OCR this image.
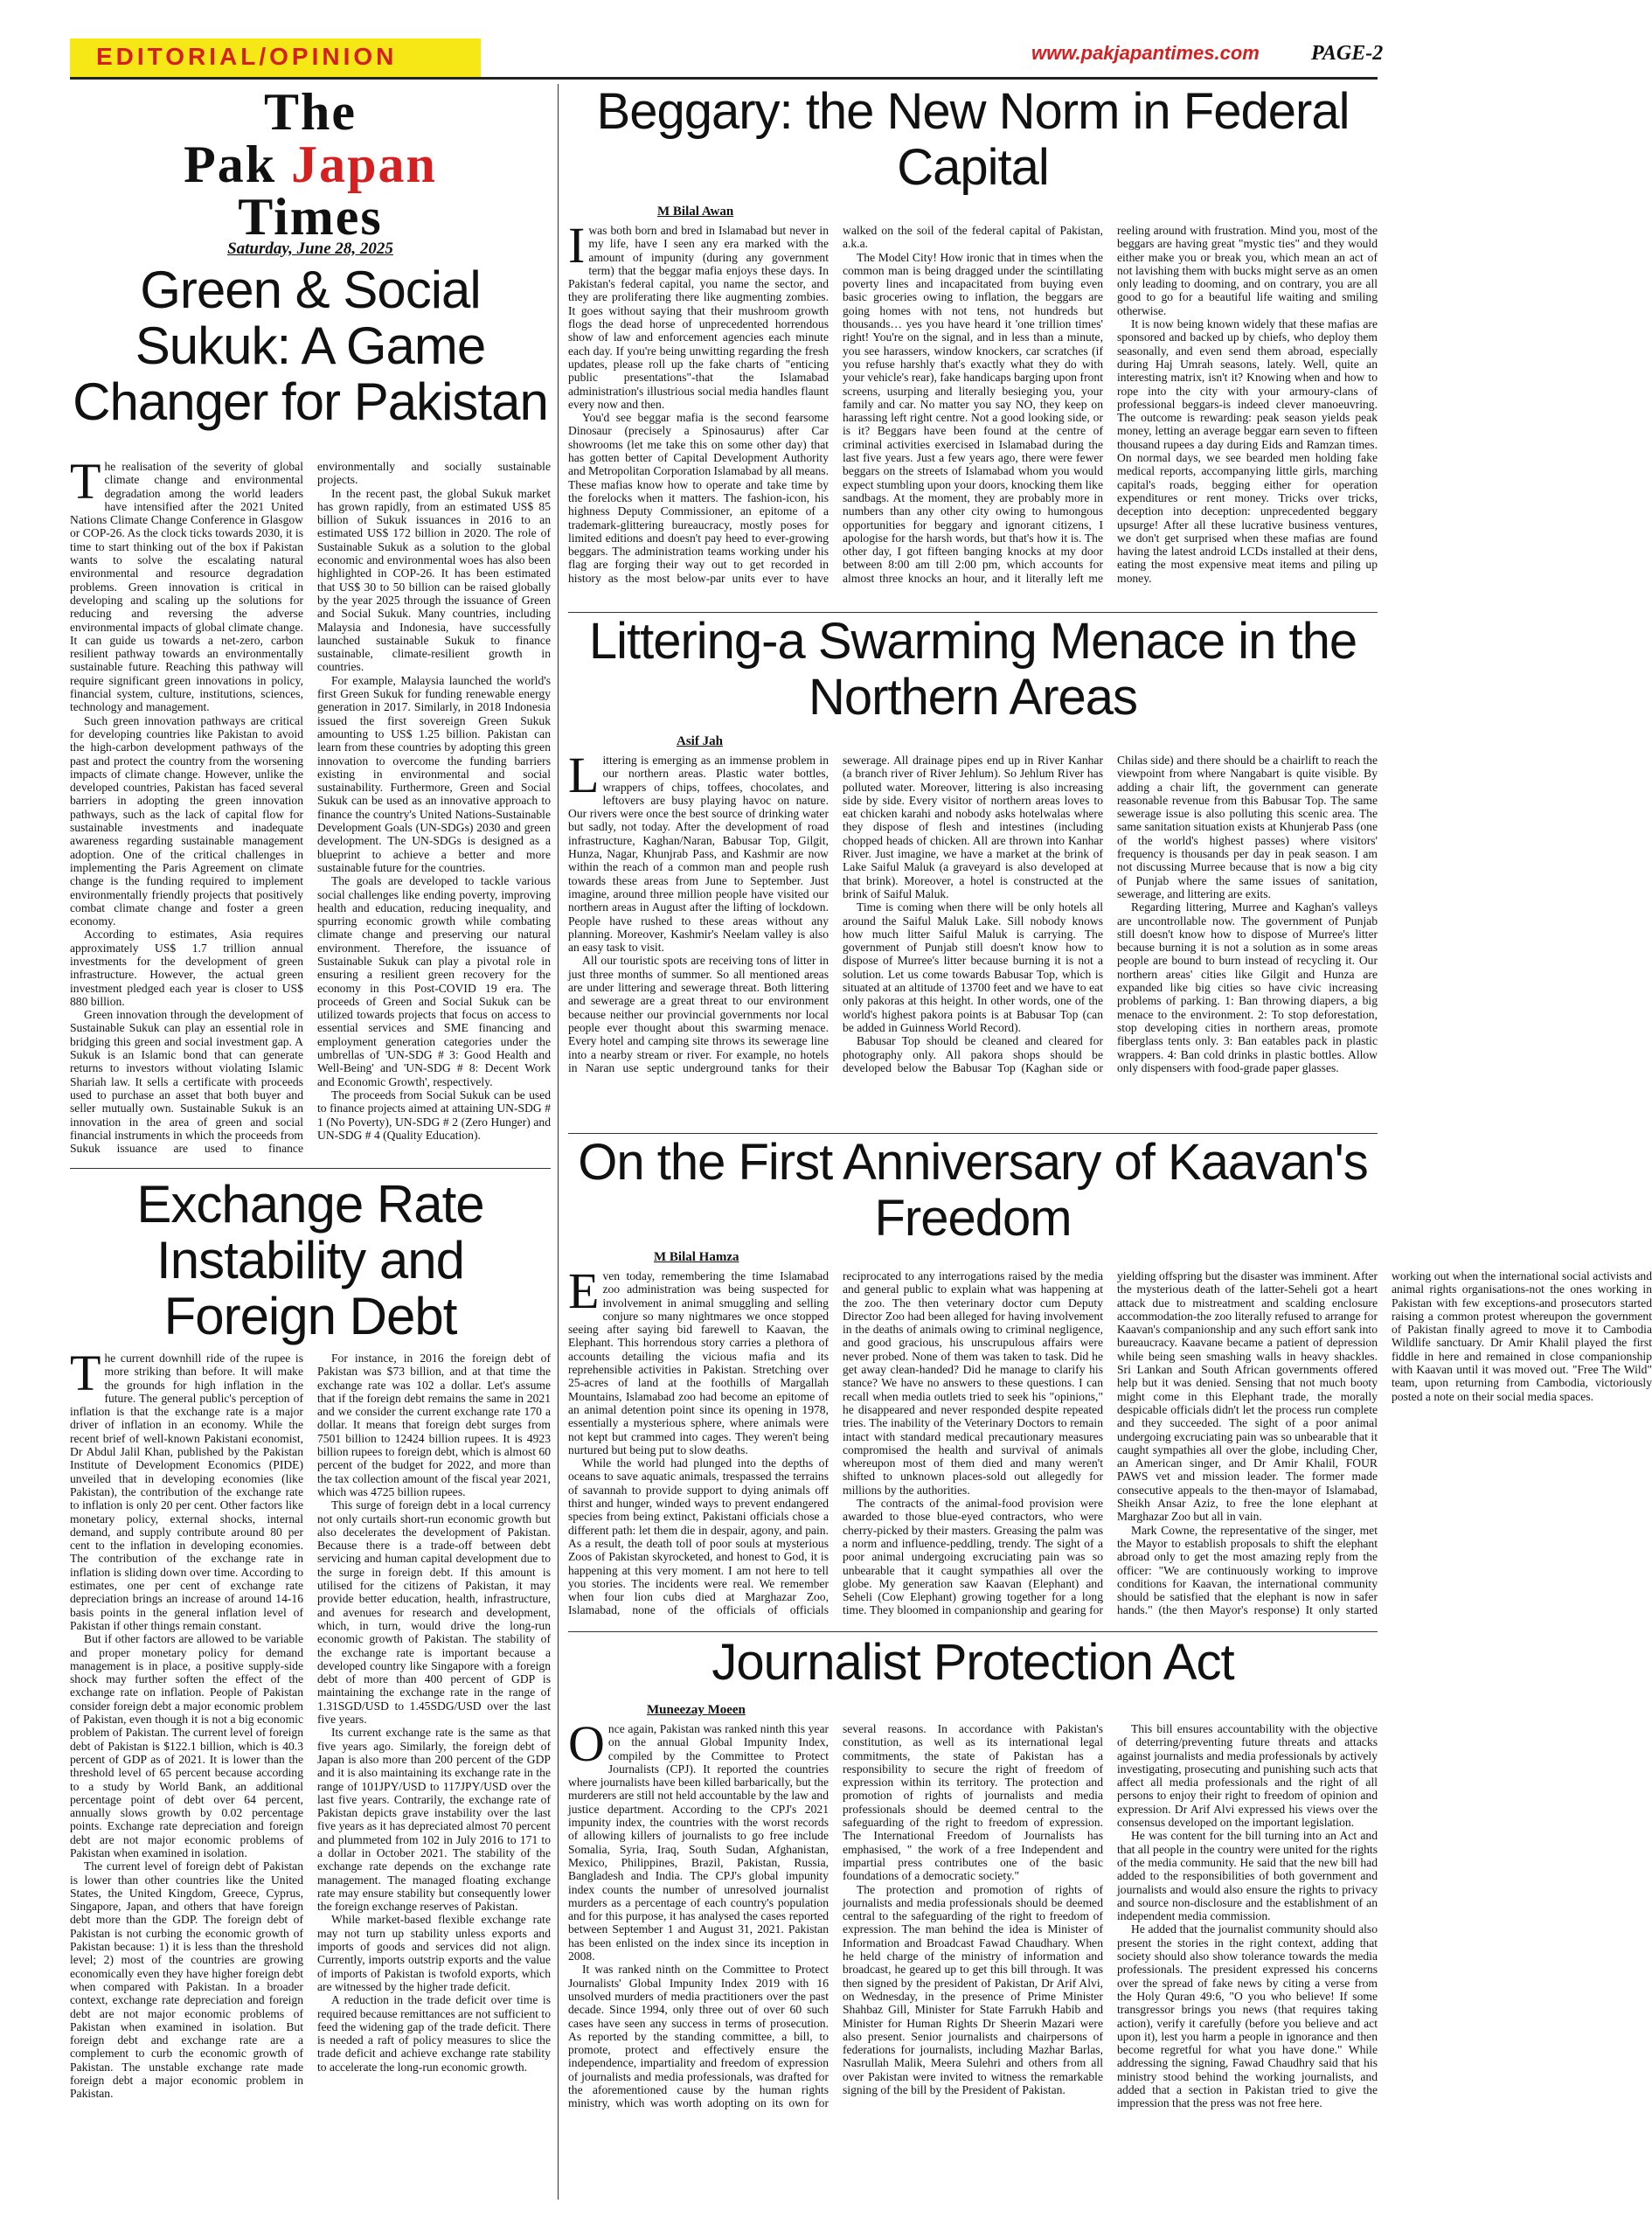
EDITORIAL/OPINION	www.pakjapantimes.com PAGE-2
The
Pak Japan
Times
Saturday, June 28, 2025
Green & Social Sukuk: A Game Changer for Pakistan

The realisation of the severity of global climate change and environmental degradation among the world leaders have intensified after the 2021 United Nations Climate Change Conference in Glasgow or COP-26. As the clock ticks towards 2030, it is time to start thinking out of the box if Pakistan wants to solve the escalating natural environmental and resource degradation problems. Green innovation is critical in developing and scaling up the solutions for reducing and reversing the adverse environmental impacts of global climate change. It can guide us towards a net-zero, carbon resilient pathway towards an environmentally sustainable future. Reaching this pathway will require significant green innovations in policy, financial system, culture, institutions, sciences, technology and management.

Such green innovation pathways are critical for developing countries like Pakistan to avoid the high-carbon development pathways of the past and protect the country from the worsening impacts of climate change. However, unlike the developed countries, Pakistan has faced several barriers in adopting the green innovation pathways, such as the lack of capital flow for sustainable investments and inadequate awareness regarding sustainable management adoption. One of the critical challenges in implementing the Paris Agreement on climate change is the funding required to implement environmentally friendly projects that positively combat climate change and foster a green economy.

According to estimates, Asia requires approximately US$ 1.7 trillion annual investments for the development of green infrastructure. However, the actual green investment pledged each year is closer to US$ 880 billion.

Green innovation through the development of Sustainable Sukuk can play an essential role in bridging this green and social investment gap. A Sukuk is an Islamic bond that can generate returns to investors without violating Islamic Shariah law. It sells a certificate with proceeds used to purchase an asset that both buyer and seller mutually own. Sustainable Sukuk is an innovation in the area of green and social financial instruments in which the proceeds from Sukuk issuance are used to finance environmentally and socially sustainable projects.

In the recent past, the global Sukuk market has grown rapidly, from an estimated US$ 85 billion of Sukuk issuances in 2016 to an estimated US$ 172 billion in 2020. The role of Sustainable Sukuk as a solution to the global economic and environmental woes has also been highlighted in COP-26. It has been estimated that US$ 30 to 50 billion can be raised globally by the year 2025 through the issuance of Green and Social Sukuk. Many countries, including Malaysia and Indonesia, have successfully launched sustainable Sukuk to finance sustainable, climate-resilient growth in countries.

For example, Malaysia launched the world's first Green Sukuk for funding renewable energy generation in 2017. Similarly, in 2018 Indonesia issued the first sovereign Green Sukuk amounting to US$ 1.25 billion. Pakistan can learn from these countries by adopting this green innovation to overcome the funding barriers existing in environmental and social sustainability. Furthermore, Green and Social Sukuk can be used as an innovative approach to finance the country's United Nations-Sustainable Development Goals (UN-SDGs) 2030 and green development. The UN-SDGs is designed as a blueprint to achieve a better and more sustainable future for the countries.

The goals are developed to tackle various social challenges like ending poverty, improving health and education, reducing inequality, and spurring economic growth while combating climate change and preserving our natural environment. Therefore, the issuance of Sustainable Sukuk can play a pivotal role in ensuring a resilient green recovery for the economy in this Post-COVID 19 era. The proceeds of Green and Social Sukuk can be utilized towards projects that focus on access to essential services and SME financing and employment generation categories under the umbrellas of 'UN-SDG # 3: Good Health and Well-Being' and 'UN-SDG # 8: Decent Work and Economic Growth', respectively.

The proceeds from Social Sukuk can be used to finance projects aimed at attaining UN-SDG # 1 (No Poverty), UN-SDG # 2 (Zero Hunger) and UN-SDG # 4 (Quality Education).

Exchange Rate Instability and Foreign Debt

The current downhill ride of the rupee is more striking than before. It will make the grounds for high inflation in the future. The general public's perception of inflation is that the exchange rate is a major driver of inflation in an economy. While the recent brief of well-known Pakistani economist, Dr Abdul Jalil Khan, published by the Pakistan Institute of Development Economics (PIDE) unveiled that in developing economies (like Pakistan), the contribution of the exchange rate to inflation is only 20 per cent. Other factors like monetary policy, external shocks, internal demand, and supply contribute around 80 per cent to the inflation in developing economies. The contribution of the exchange rate in inflation is sliding down over time. According to estimates, one per cent of exchange rate depreciation brings an increase of around 14-16 basis points in the general inflation level of Pakistan if other things remain constant.

But if other factors are allowed to be variable and proper monetary policy for demand management is in place, a positive supply-side shock may further soften the effect of the exchange rate on inflation. People of Pakistan consider foreign debt a major economic problem of Pakistan, even though it is not a big economic problem of Pakistan. The current level of foreign debt of Pakistan is $122.1 billion, which is 40.3 percent of GDP as of 2021. It is lower than the threshold level of 65 percent because according to a study by World Bank, an additional percentage point of debt over 64 percent, annually slows growth by 0.02 percentage points. Exchange rate depreciation and foreign debt are not major economic problems of Pakistan when examined in isolation.

The current level of foreign debt of Pakistan is lower than other countries like the United States, the United Kingdom, Greece, Cyprus, Singapore, Japan, and others that have foreign debt more than the GDP. The foreign debt of Pakistan is not curbing the economic growth of Pakistan because: 1) it is less than the threshold level; 2) most of the countries are growing economically even they have higher foreign debt when compared with Pakistan. In a broader context, exchange rate depreciation and foreign debt are not major economic problems of Pakistan when examined in isolation. But foreign debt and exchange rate are a complement to curb the economic growth of Pakistan. The unstable exchange rate made foreign debt a major economic problem in Pakistan.

For instance, in 2016 the foreign debt of Pakistan was $73 billion, and at that time the exchange rate was 102 a dollar. Let's assume that if the foreign debt remains the same in 2021 and we consider the current exchange rate 170 a dollar. It means that foreign debt surges from 7501 billion to 12424 billion rupees. It is 4923 billion rupees to foreign debt, which is almost 60 percent of the budget for 2022, and more than the tax collection amount of the fiscal year 2021, which was 4725 billion rupees.

This surge of foreign debt in a local currency not only curtails short-run economic growth but also decelerates the development of Pakistan. Because there is a trade-off between debt servicing and human capital development due to the surge in foreign debt. If this amount is utilised for the citizens of Pakistan, it may provide better education, health, infrastructure, and avenues for research and development, which, in turn, would drive the long-run economic growth of Pakistan. The stability of the exchange rate is important because a developed country like Singapore with a foreign debt of more than 400 percent of GDP is maintaining the exchange rate in the range of 1.31SGD/USD to 1.45SDG/USD over the last five years.

Its current exchange rate is the same as that five years ago. Similarly, the foreign debt of Japan is also more than 200 percent of the GDP and it is also maintaining its exchange rate in the range of 101JPY/USD to 117JPY/USD over the last five years. Contrarily, the exchange rate of Pakistan depicts grave instability over the last five years as it has depreciated almost 70 percent and plummeted from 102 in July 2016 to 171 to a dollar in October 2021. The stability of the exchange rate depends on the exchange rate management. The managed floating exchange rate may ensure stability but consequently lower the foreign exchange reserves of Pakistan.

While market-based flexible exchange rate may not turn up stability unless exports and imports of goods and services did not align. Currently, imports outstrip exports and the value of imports of Pakistan is twofold exports, which are witnessed by the higher trade deficit.

A reduction in the trade deficit over time is required because remittances are not sufficient to feed the widening gap of the trade deficit. There is needed a raft of policy measures to slice the trade deficit and achieve exchange rate stability to accelerate the long-run economic growth.

Beggary: the New Norm in Federal Capital
M Bilal Awan

Iwas both born and bred in Islamabad but never in my life, have I seen any era marked with the amount of impunity (during any government term) that the beggar mafia enjoys these days. In Pakistan's federal capital, you name the sector, and they are proliferating there like augmenting zombies. It goes without saying that their mushroom growth flogs the dead horse of unprecedented horrendous show of law and enforcement agencies each minute each day. If you're being unwitting regarding the fresh updates, please roll up the fake charts of "enticing public presentations"-that the Islamabad administration's illustrious social media handles flaunt every now and then.

You'd see beggar mafia is the second fearsome Dinosaur (precisely a Spinosaurus) after Car showrooms (let me take this on some other day) that has gotten better of Capital Development Authority and Metropolitan Corporation Islamabad by all means. These mafias know how to operate and take time by the forelocks when it matters. The fashion-icon, his highness Deputy Commissioner, an epitome of a trademark-glittering bureaucracy, mostly poses for limited editions and doesn't pay heed to ever-growing beggars. The administration teams working under his flag are forging their way out to get recorded in history as the most below-par units ever to have walked on the soil of the federal capital of Pakistan, a.k.a.

The Model City! How ironic that in times when the common man is being dragged under the scintillating poverty lines and incapacitated from buying even basic groceries owing to inflation, the beggars are going homes with not tens, not hundreds but thousands… yes you have heard it 'one trillion times' right! You're on the signal, and in less than a minute, you see harassers, window knockers, car scratches (if you refuse harshly that's exactly what they do with your vehicle's rear), fake handicaps barging upon front screens, usurping and literally besieging you, your family and car. No matter you say NO, they keep on harassing left right centre. Not a good looking side, or is it? Beggars have been found at the centre of criminal activities exercised in Islamabad during the last five years. Just a few years ago, there were fewer beggars on the streets of Islamabad whom you would expect stumbling upon your doors, knocking them like sandbags. At the moment, they are probably more in numbers than any other city owing to humongous opportunities for beggary and ignorant citizens, I apologise for the harsh words, but that's how it is. The other day, I got fifteen banging knocks at my door between 8:00 am till 2:00 pm, which accounts for almost three knocks an hour, and it literally left me reeling around with frustration. Mind you, most of the beggars are having great "mystic ties" and they would either make you or break you, which mean an act of not lavishing them with bucks might serve as an omen only leading to dooming, and on contrary, you are all good to go for a beautiful life waiting and smiling otherwise.

It is now being known widely that these mafias are sponsored and backed up by chiefs, who deploy them seasonally, and even send them abroad, especially during Haj Umrah seasons, lately. Well, quite an interesting matrix, isn't it? Knowing when and how to rope into the city with your armoury-clans of professional beggars-is indeed clever manoeuvring. The outcome is rewarding: peak season yields peak money, letting an average beggar earn seven to fifteen thousand rupees a day during Eids and Ramzan times. On normal days, we see bearded men holding fake medical reports, accompanying little girls, marching capital's roads, begging either for operation expenditures or rent money. Tricks over tricks, deception into deception: unprecedented beggary upsurge! After all these lucrative business ventures, we don't get surprised when these mafias are found having the latest android LCDs installed at their dens, eating the most expensive meat items and piling up money.

Littering-a Swarming Menace in the Northern Areas
Asif Jah

Littering is emerging as an immense problem in our northern areas. Plastic water bottles, wrappers of chips, toffees, chocolates, and leftovers are busy playing havoc on nature. Our rivers were once the best source of drinking water but sadly, not today. After the development of road infrastructure, Kaghan/Naran, Babusar Top, Gilgit, Hunza, Nagar, Khunjrab Pass, and Kashmir are now within the reach of a common man and people rush towards these areas from June to September. Just imagine, around three million people have visited our northern areas in August after the lifting of lockdown. People have rushed to these areas without any planning. Moreover, Kashmir's Neelam valley is also an easy task to visit.

All our touristic spots are receiving tons of litter in just three months of summer. So all mentioned areas are under littering and sewerage threat. Both littering and sewerage are a great threat to our environment because neither our provincial governments nor local people ever thought about this swarming menace. Every hotel and camping site throws its sewerage line into a nearby stream or river. For example, no hotels in Naran use septic underground tanks for their sewerage. All drainage pipes end up in River Kanhar (a branch river of River Jehlum). So Jehlum River has polluted water. Moreover, littering is also increasing side by side. Every visitor of northern areas loves to eat chicken karahi and nobody asks hotelwalas where they dispose of flesh and intestines (including chopped heads of chicken. All are thrown into Kanhar River. Just imagine, we have a market at the brink of Lake Saiful Maluk (a graveyard is also developed at that brink). Moreover, a hotel is constructed at the brink of Saiful Maluk.

Time is coming when there will be only hotels all around the Saiful Maluk Lake. Sill nobody knows how much litter Saiful Maluk is carrying. The government of Punjab still doesn't know how to dispose of Murree's litter because burning it is not a solution. Let us come towards Babusar Top, which is situated at an altitude of 13700 feet and we have to eat only pakoras at this height. In other words, one of the world's highest pakora points is at Babusar Top (can be added in Guinness World Record).

Babusar Top should be cleaned and cleared for photography only. All pakora shops should be developed below the Babusar Top (Kaghan side or Chilas side) and there should be a chairlift to reach the viewpoint from where Nangabart is quite visible. By adding a chair lift, the government can generate reasonable revenue from this Babusar Top. The same sewerage issue is also polluting this scenic area. The same sanitation situation exists at Khunjerab Pass (one of the world's highest passes) where visitors' frequency is thousands per day in peak season. I am not discussing Murree because that is now a big city of Punjab where the same issues of sanitation, sewerage, and littering are exits.

Regarding littering, Murree and Kaghan's valleys are uncontrollable now. The government of Punjab still doesn't know how to dispose of Murree's litter because burning it is not a solution as in some areas people are bound to burn instead of recycling it. Our northern areas' cities like Gilgit and Hunza are expanded like big cities so have civic increasing problems of parking. 1: Ban throwing diapers, a big menace to the environment. 2: To stop deforestation, stop developing cities in northern areas, promote fiberglass tents only. 3: Ban eatables pack in plastic wrappers. 4: Ban cold drinks in plastic bottles. Allow only dispensers with food-grade paper glasses.

On the First Anniversary of Kaavan's Freedom
M Bilal Hamza

Even today, remembering the time Islamabad zoo administration was being suspected for involvement in animal smuggling and selling conjure so many nightmares we once stopped seeing after saying bid farewell to Kaavan, the Elephant. This horrendous story carries a plethora of accounts detailing the vicious mafia and its reprehensible activities in Pakistan. Stretching over 25-acres of land at the foothills of Margallah Mountains, Islamabad zoo had become an epitome of an animal detention point since its opening in 1978, essentially a mysterious sphere, where animals were not kept but crammed into cages. They weren't being nurtured but being put to slow deaths.

While the world had plunged into the depths of oceans to save aquatic animals, trespassed the terrains of savannah to provide support to dying animals off thirst and hunger, winded ways to prevent endangered species from being extinct, Pakistani officials chose a different path: let them die in despair, agony, and pain. As a result, the death toll of poor souls at mysterious Zoos of Pakistan skyrocketed, and honest to God, it is happening at this very moment. I am not here to tell you stories. The incidents were real. We remember when four lion cubs died at Marghazar Zoo, Islamabad, none of the officials of officials reciprocated to any interrogations raised by the media and general public to explain what was happening at the zoo. The then veterinary doctor cum Deputy Director Zoo had been alleged for having involvement in the deaths of animals owing to criminal negligence, and good gracious, his unscrupulous affairs were never probed. None of them was taken to task. Did he get away clean-handed? Did he manage to clarify his stance? We have no answers to these questions. I can recall when media outlets tried to seek his "opinions," he disappeared and never responded despite repeated tries. The inability of the Veterinary Doctors to remain intact with standard medical precautionary measures compromised the health and survival of animals whereupon most of them died and many weren't shifted to unknown places-sold out allegedly for millions by the authorities.

The contracts of the animal-food provision were awarded to those blue-eyed contractors, who were cherry-picked by their masters. Greasing the palm was a norm and influence-peddling, trendy. The sight of a poor animal undergoing excruciating pain was so unbearable that it caught sympathies all over the globe. My generation saw Kaavan (Elephant) and Seheli (Cow Elephant) growing together for a long time. They bloomed in companionship and gearing for yielding offspring but the disaster was imminent. After the mysterious death of the latter-Seheli got a heart attack due to mistreatment and scalding enclosure accommodation-the zoo literally refused to arrange for Kaavan's companionship and any such effort sank into bureaucracy. Kaavane became a patient of depression while being seen smashing walls in heavy shackles. Sri Lankan and South African governments offered help but it was denied. Sensing that not much booty might come in this Elephant trade, the morally despicable officials didn't let the process run complete and they succeeded. The sight of a poor animal undergoing excruciating pain was so unbearable that it caught sympathies all over the globe, including Cher, an American singer, and Dr Amir Khalil, FOUR PAWS vet and mission leader. The former made consecutive appeals to the then-mayor of Islamabad, Sheikh Ansar Aziz, to free the lone elephant at Marghazar Zoo but all in vain.

Mark Cowne, the representative of the singer, met the Mayor to establish proposals to shift the elephant abroad only to get the most amazing reply from the officer: "We are continuously working to improve conditions for Kaavan, the international community should be satisfied that the elephant is now in safer hands." (the then Mayor's response) It only started working out when the international social activists and animal rights organisations-not the ones working in Pakistan with few exceptions-and prosecutors started raising a common protest whereupon the government of Pakistan finally agreed to move it to Cambodia Wildlife sanctuary. Dr Amir Khalil played the first fiddle in here and remained in close companionship with Kaavan until it was moved out. "Free The Wild" team, upon returning from Cambodia, victoriously posted a note on their social media spaces.

Journalist Protection Act
Muneezay Moeen

Once again, Pakistan was ranked ninth this year on the annual Global Impunity Index, compiled by the Committee to Protect Journalists (CPJ). It reported the countries where journalists have been killed barbarically, but the murderers are still not held accountable by the law and justice department. According to the CPJ's 2021 impunity index, the countries with the worst records of allowing killers of journalists to go free include Somalia, Syria, Iraq, South Sudan, Afghanistan, Mexico, Philippines, Brazil, Pakistan, Russia, Bangladesh and India. The CPJ's global impunity index counts the number of unresolved journalist murders as a percentage of each country's population and for this purpose, it has analysed the cases reported between September 1 and August 31, 2021. Pakistan has been enlisted on the index since its inception in 2008.

It was ranked ninth on the Committee to Protect Journalists' Global Impunity Index 2019 with 16 unsolved murders of media practitioners over the past decade. Since 1994, only three out of over 60 such cases have seen any success in terms of prosecution. As reported by the standing committee, a bill, to promote, protect and effectively ensure the independence, impartiality and freedom of expression of journalists and media professionals, was drafted for the aforementioned cause by the human rights ministry, which was worth adopting on its own for several reasons. In accordance with Pakistan's constitution, as well as its international legal commitments, the state of Pakistan has a responsibility to secure the right of freedom of expression within its territory. The protection and promotion of rights of journalists and media professionals should be deemed central to the safeguarding of the right to freedom of expression. The International Freedom of Journalists has emphasised, " the work of a free Independent and impartial press contributes one of the basic foundations of a democratic society."

The protection and promotion of rights of journalists and media professionals should be deemed central to the safeguarding of the right to freedom of expression. The man behind the idea is Minister of Information and Broadcast Fawad Chaudhary. When he held charge of the ministry of information and broadcast, he geared up to get this bill through. It was then signed by the president of Pakistan, Dr Arif Alvi, on Wednesday, in the presence of Prime Minister Shahbaz Gill, Minister for State Farrukh Habib and Minister for Human Rights Dr Sheerin Mazari were also present. Senior journalists and chairpersons of federations for journalists, including Mazhar Barlas, Nasrullah Malik, Meera Sulehri and others from all over Pakistan were invited to witness the remarkable signing of the bill by the President of Pakistan.

This bill ensures accountability with the objective of deterring/preventing future threats and attacks against journalists and media professionals by actively investigating, prosecuting and punishing such acts that affect all media professionals and the right of all persons to enjoy their right to freedom of opinion and expression. Dr Arif Alvi expressed his views over the consensus developed on the important legislation.

He was content for the bill turning into an Act and that all people in the country were united for the rights of the media community. He said that the new bill had added to the responsibilities of both government and journalists and would also ensure the rights to privacy and source non-disclosure and the establishment of an independent media commission.

He added that the journalist community should also present the stories in the right context, adding that society should also show tolerance towards the media professionals. The president expressed his concerns over the spread of fake news by citing a verse from the Holy Quran 49:6, "O you who believe! If some transgressor brings you news (that requires taking action), verify it carefully (before you believe and act upon it), lest you harm a people in ignorance and then become regretful for what you have done." While addressing the signing, Fawad Chaudhry said that his ministry stood behind the working journalists, and added that a section in Pakistan tried to give the impression that the press was not free here.
